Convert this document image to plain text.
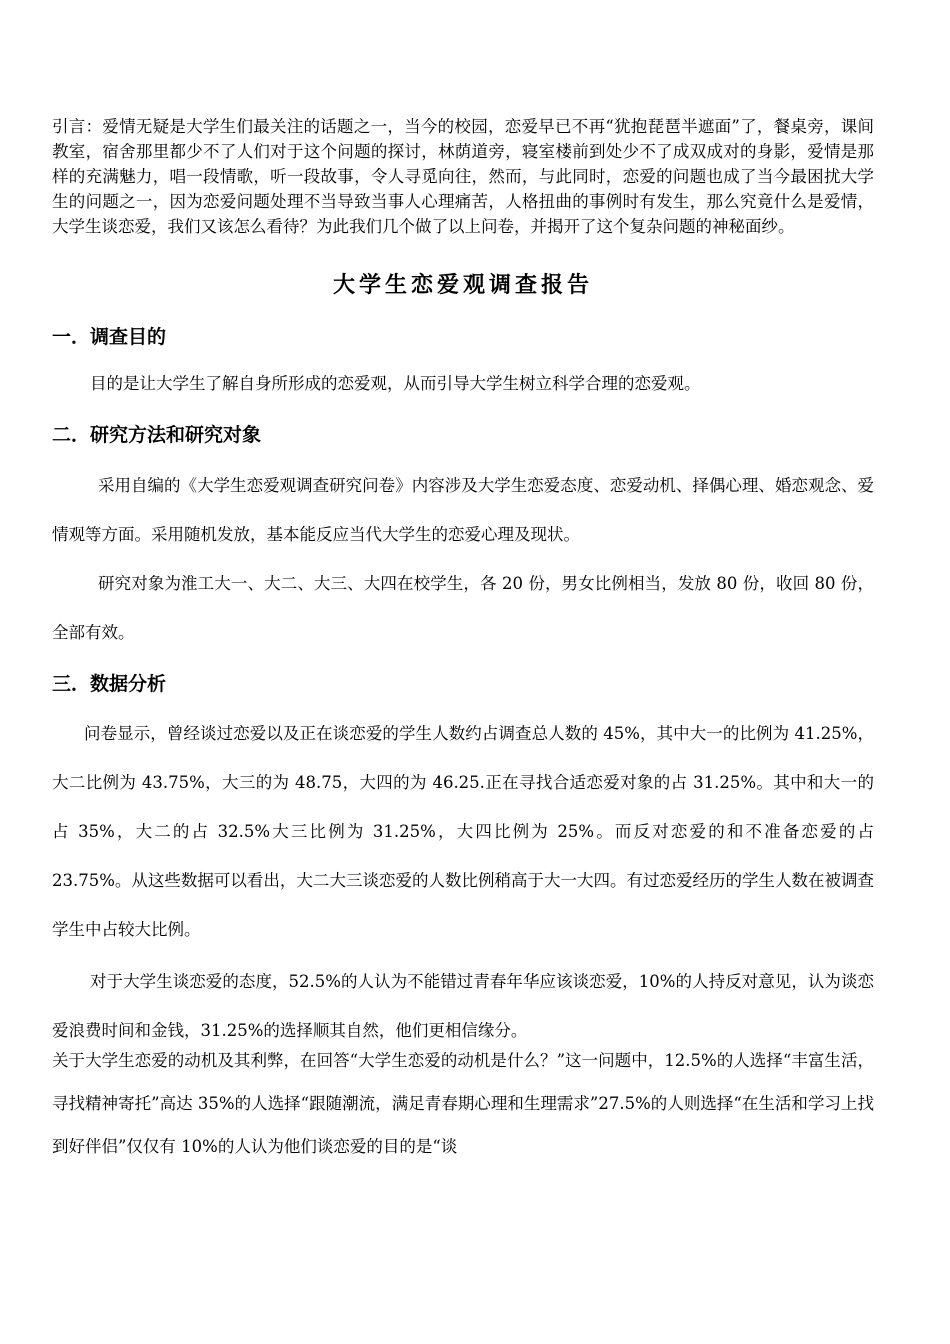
引言：爱情无疑是大学生们最关注的话题之一，当今的校园，恋爱早已不再“犹抱琵琶半遮面”了，餐桌旁，课间教室，宿舍那里都少不了人们对于这个问题的探讨，林荫道旁，寝室楼前到处少不了成双成对的身影，爱情是那样的充满魅力，唱一段情歌，听一段故事，令人寻觅向往，然而，与此同时，恋爱的问题也成了当今最困扰大学生的问题之一，因为恋爱问题处理不当导致当事人心理痛苦，人格扭曲的事例时有发生，那么究竟什么是爱情，大学生谈恋爱，我们又该怎么看待？为此我们几个做了以上问卷，并揭开了这个复杂问题的神秘面纱。

大学生恋爱观调查报告
一．调查目的

目的是让大学生了解自身所形成的恋爱观，从而引导大学生树立科学合理的恋爱观。

二．研究方法和研究对象

采用自编的《大学生恋爱观调查研究问卷》内容涉及大学生恋爱态度、恋爱动机、择偶心理、婚恋观念、爱情观等方面。采用随机发放，基本能反应当代大学生的恋爱心理及现状。

研究对象为淮工大一、大二、大三、大四在校学生，各 20 份，男女比例相当，发放 80 份，收回 80 份，全部有效。

三．数据分析

问卷显示，曾经谈过恋爱以及正在谈恋爱的学生人数约占调查总人数的 45%，其中大一的比例为 41.25%，大二比例为 43.75%，大三的为 48.75，大四的为 46.25.正在寻找合适恋爱对象的占 31.25%。其中和大一的占 35%，大二的占 32.5%大三比例为 31.25%，大四比例为 25%。而反对恋爱的和不准备恋爱的占 23.75%。从这些数据可以看出，大二大三谈恋爱的人数比例稍高于大一大四。有过恋爱经历的学生人数在被调查学生中占较大比例。

对于大学生谈恋爱的态度，52.5%的人认为不能错过青春年华应该谈恋爱，10%的人持反对意见，认为谈恋爱浪费时间和金钱，31.25%的选择顺其自然，他们更相信缘分。

关于大学生恋爱的动机及其利弊，在回答“大学生恋爱的动机是什么？”这一问题中，12.5%的人选择“丰富生活，寻找精神寄托”高达 35%的人选择“跟随潮流，满足青春期心理和生理需求”27.5%的人则选择“在生活和学习上找到好伴侣”仅仅有 10%的人认为他们谈恋爱的目的是“谈
